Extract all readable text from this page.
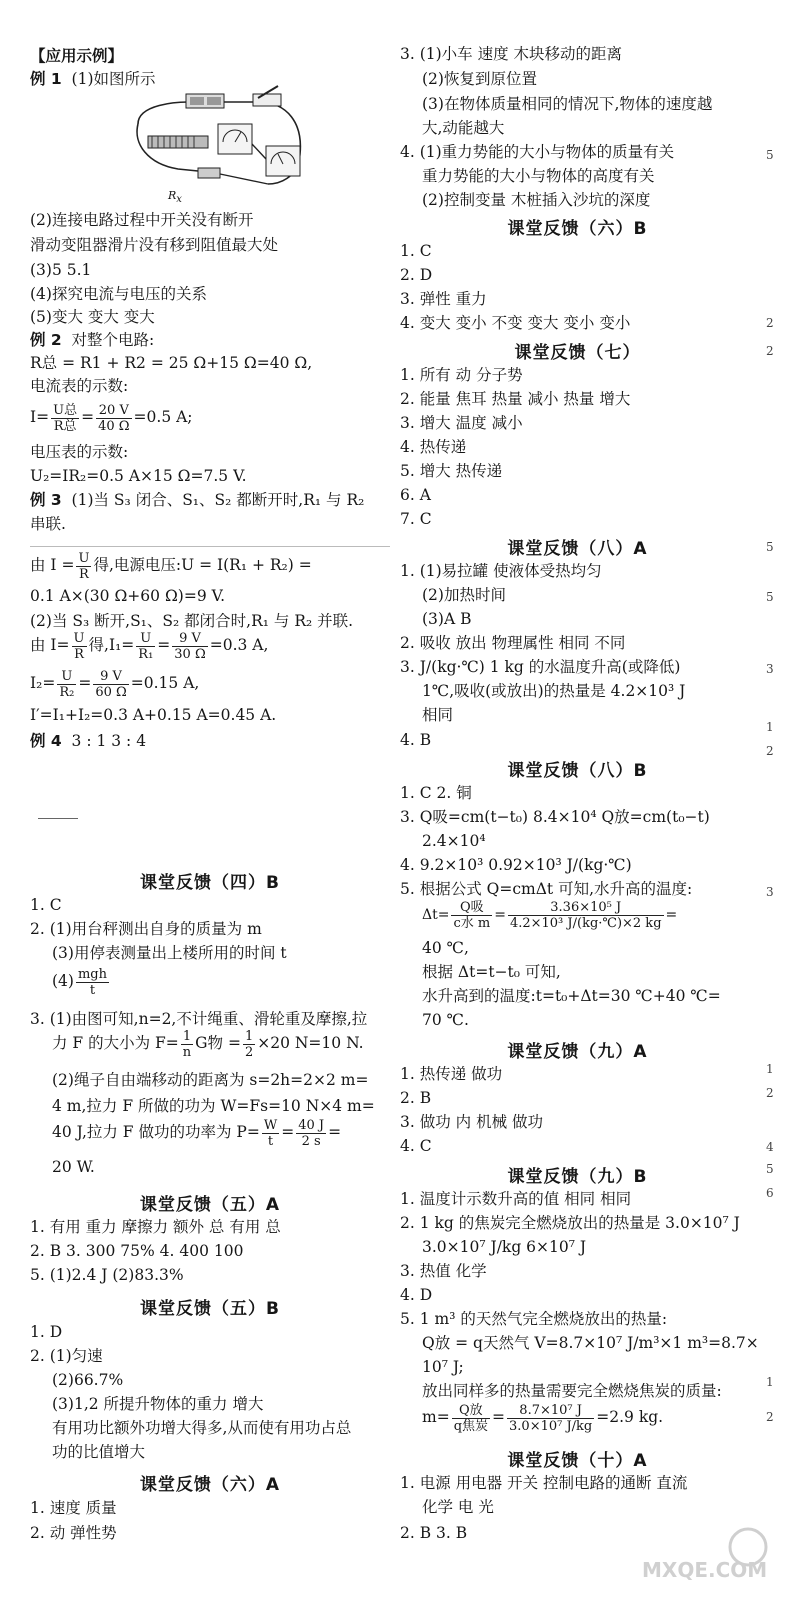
【应用示例】
例 1 (1)如图所示
$R_x$
(2)连接电路过程中开关没有断开
滑动变阻器滑片没有移到阻值最大处
(3)5 5.1
(4)探究电流与电压的关系
(5)变大 变大 变大
例 2 对整个电路:
R总 = R1 + R2 = 25 Ω+15 Ω=40 Ω,
电流表的示数:
$I= \frac{\text{U总}}{\text{R总}} = \frac{20 V}{40 \Omega} =0.5$ A;
电压表的示数:
U₂=IR₂=0.5 A×15 Ω=7.5 V.
例 3 (1)当 S₃ 闭合、S₁、S₂ 都断开时,R₁ 与 R₂
串联.
由 $I = \frac{U}{R}$ 得,电源电压:U = I(R₁ + R₂) =
0.1 A×(30 Ω+60 Ω)=9 V.
(2)当 S₃ 断开,S₁、S₂ 都闭合时,R₁ 与 R₂ 并联.
由 $I= \frac{U}{R}$ 得$,I_1= \frac{U}{\text{R₁}} = \frac{9 V}{30 \Omega} =0.3$ A,
$I_2= \frac{U}{\text{R₂}} = \frac{9 V}{60 \Omega} =0.15$ A,
I′=I₁+I₂=0.3 A+0.15 A=0.45 A.
例 4 3 : 1 3 : 4
课堂反馈（四）B
1. C
2. (1)用台秤测出自身的质量为 m
(3)用停表测量出上楼所用的时间 t
$(4) \frac{\text{mgh}}{t}$
3. (1)由图可知,n=2,不计绳重、滑轮重及摩擦,拉
力 F 的大小为 $F= \frac{1}{n}$ G物 = $\frac{1}{2} \times 20$ N=10 N.
(2)绳子自由端移动的距离为 s=2h=2×2 m=
4 m,拉力 F 所做的功为 W=Fs=10 N×4 m=
40 J,拉力 F 做功的功率为 $P= \frac{W}{t} = \frac{40 J}{2 s}$ =
20 W.
课堂反馈（五）A
1. 有用 重力 摩擦力 额外 总 有用 总
2. B 3. 300 75% 4. 400 100
5. (1)2.4 J (2)83.3%
课堂反馈（五）B
1. D
2. (1)匀速
(2)66.7%
(3)1,2 所提升物体的重力 增大
有用功比额外功增大得多,从而使有用功占总
功的比值增大
课堂反馈（六）A
1. 速度 质量
2. 动 弹性势
3. (1)小车 速度 木块移动的距离
(2)恢复到原位置
(3)在物体质量相同的情况下,物体的速度越
大,动能越大
4. (1)重力势能的大小与物体的质量有关
重力势能的大小与物体的高度有关
(2)控制变量 木桩插入沙坑的深度
课堂反馈（六）B
1. C
2. D
3. 弹性 重力
4. 变大 变小 不变 变大 变小 变小
课堂反馈（七）
1. 所有 动 分子势
2. 能量 焦耳 热量 减小 热量 增大
3. 增大 温度 减小
4. 热传递
5. 增大 热传递
6. A
7. C
课堂反馈（八）A
1. (1)易拉罐 使液体受热均匀
(2)加热时间
(3)A B
2. 吸收 放出 物理属性 相同 不同
3. J/(kg·℃) 1 kg 的水温度升高(或降低)
1℃,吸收(或放出)的热量是 4.2×10³ J
相同
4. B
课堂反馈（八）B
1. C 2. 铜
3. Q吸=cm(t−t₀) 8.4×10⁴ Q放=cm(t₀−t)
2.4×10⁴
4. 9.2×10³ 0.92×10³ J/(kg·℃)
5. 根据公式 Q=cmΔt 可知,水升高的温度:
$\Delta t= \frac{\text{Q吸}}{\text{c水 m}} = \frac{\text{3.36×10⁵ J}}{\text{4.2×10³ J/(kg·℃)×2 kg}}$ =
40 ℃,
根据 Δt=t−t₀ 可知,
水升高到的温度:t=t₀+Δt=30 ℃+40 ℃=
70 ℃.
课堂反馈（九）A
1. 热传递 做功
2. B
3. 做功 内 机械 做功
4. C
课堂反馈（九）B
1. 温度计示数升高的值 相同 相同
2. 1 kg 的焦炭完全燃烧放出的热量是 3.0×10⁷ J
3.0×10⁷ J/kg 6×10⁷ J
3. 热值 化学
4. D
5. 1 m³ 的天然气完全燃烧放出的热量:
Q放 = q天然气 V=8.7×10⁷ J/m³×1 m³=8.7×
10⁷ J;
放出同样多的热量需要完全燃烧焦炭的质量:
$m= \frac{\text{Q放}}{\text{q焦炭}} = \frac{\text{8.7×10⁷ J}}{\text{3.0×10⁷ J/kg}} =2.9$ kg.
课堂反馈（十）A
1. 电源 用电器 开关 控制电路的通断 直流
化学 电 光
2. B 3. B
5
2
2
3
5
5
1
2
3
1
2
4
5
6
1
2
MXQE.COM
